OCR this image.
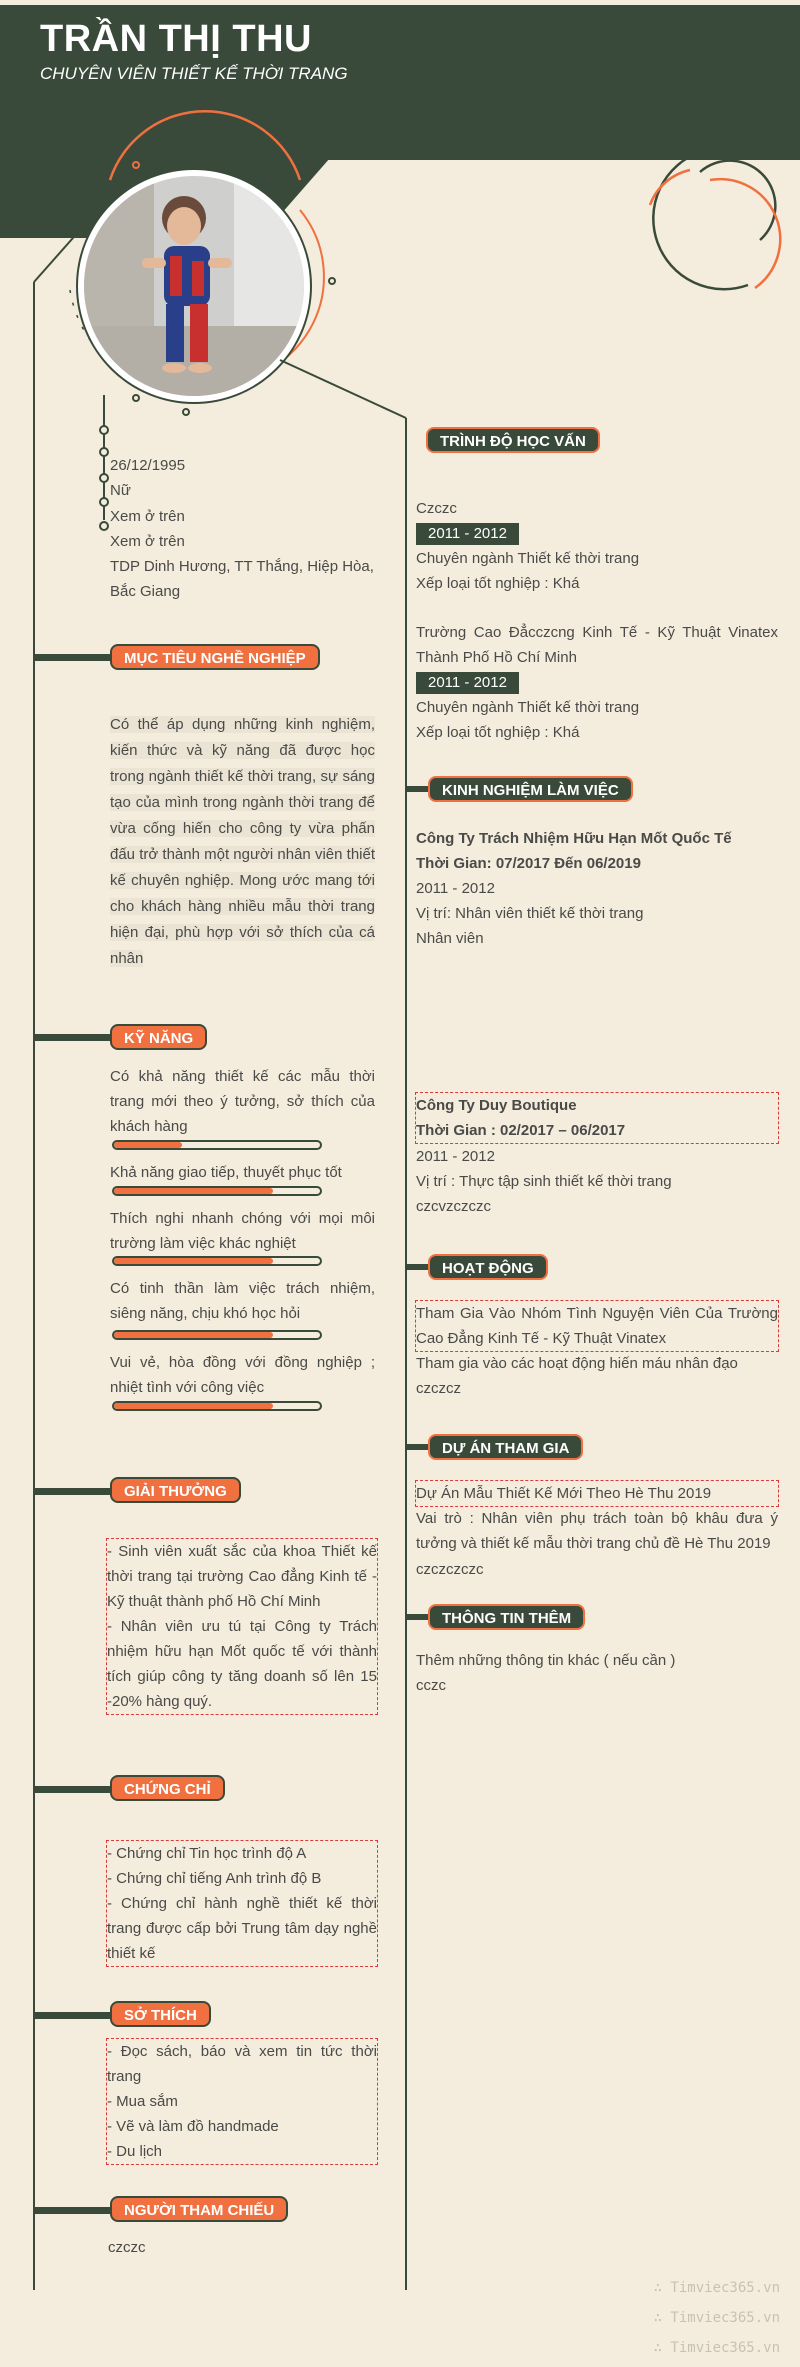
TRẦN THỊ THU
CHUYÊN VIÊN THIẾT KẾ THỜI TRANG
26/12/1995
Nữ
Xem ở trên
Xem ở trên
TDP Dinh Hương, TT Thắng, Hiệp Hòa, Bắc Giang
MỤC TIÊU NGHỀ NGHIỆP
Có thể áp dụng những kinh nghiệm, kiến thức và kỹ năng đã được học trong ngành thiết kế thời trang, sự sáng tạo của mình trong ngành thời trang để vừa cống hiến cho công ty vừa phấn đấu trở thành một người nhân viên thiết kế chuyên nghiệp. Mong ước mang tới cho khách hàng nhiều mẫu thời trang hiện đại, phù hợp với sở thích của cá nhân
KỸ NĂNG
Có khả năng thiết kế các mẫu thời trang mới theo ý tưởng, sở thích của khách hàng
Khả năng giao tiếp, thuyết phục tốt
Thích nghi nhanh chóng với mọi môi trường làm việc khác nghiệt
Có tinh thần làm việc trách nhiệm, siêng năng, chịu khó học hỏi
Vui vẻ, hòa đồng với đồng nghiệp ; nhiệt tình với công việc
GIẢI THƯỞNG
- Sinh viên xuất sắc của khoa Thiết kế thời trang tại trường Cao đẳng Kinh tế - Kỹ thuật thành phố Hồ Chí Minh
- Nhân viên ưu tú tại Công ty Trách nhiệm hữu hạn Mốt quốc tế với thành tích giúp công ty tăng doanh số lên 15 -20% hàng quý.
CHỨNG CHỈ
- Chứng chỉ Tin học trình độ A
- Chứng chỉ tiếng Anh trình độ B
- Chứng chỉ hành nghề thiết kế thời trang được cấp bởi Trung tâm dạy nghề thiết kế
SỞ THÍCH
- Đọc sách, báo và xem tin tức thời trang
- Mua sắm
- Vẽ và làm đồ handmade
- Du lịch
NGƯỜI THAM CHIẾU
czczc
TRÌNH ĐỘ HỌC VẤN
Czczc
2011 - 2012
Chuyên ngành Thiết kế thời trang
Xếp loại tốt nghiệp : Khá
Trường Cao Đẳcczcng Kinh Tế - Kỹ Thuật Vinatex Thành Phố Hồ Chí Minh
2011 - 2012
Chuyên ngành Thiết kế thời trang
Xếp loại tốt nghiệp : Khá
KINH NGHIỆM LÀM VIỆC
Công Ty Trách Nhiệm Hữu Hạn Mốt Quốc Tế
Thời Gian: 07/2017 Đến 06/2019
2011 - 2012
Vị trí: Nhân viên thiết kế thời trang
Nhân viên
Công Ty Duy Boutique
Thời Gian : 02/2017 – 06/2017
2011 - 2012
Vị trí : Thực tập sinh thiết kế thời trang
czcvzczczc
HOẠT ĐỘNG
Tham Gia Vào Nhóm Tình Nguyện Viên Của Trường Cao Đẳng Kinh Tế - Kỹ Thuật Vinatex
Tham gia vào các hoạt động hiến máu nhân đạo
czczcz
DỰ ÁN THAM GIA
Dự Án Mẫu Thiết Kế Mới Theo Hè Thu 2019
Vai trò : Nhân viên phụ trách toàn bộ khâu đưa ý tưởng và thiết kế mẫu thời trang chủ đề Hè Thu 2019
czczczczc
THÔNG TIN THÊM
Thêm những thông tin khác ( nếu cần )
cczc
∴ Timviec365.vn
∴ Timviec365.vn
∴ Timviec365.vn
